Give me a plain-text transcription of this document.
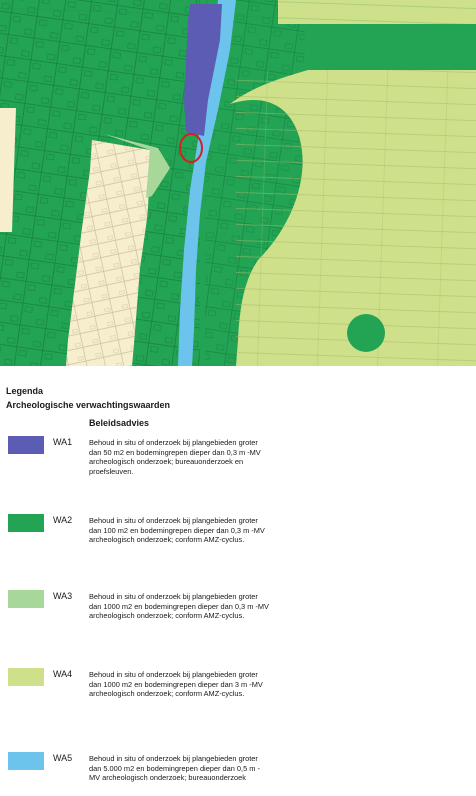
Legenda
Archeologische verwachtingswaarden
Beleidsadvies
WA1 Behoud in situ of onderzoek bij plangebieden groter dan 50 m2 en bodemingrepen dieper dan 0,3 m -MV archeologisch onderzoek; bureauonderzoek en proefsleuven.
WA2 Behoud in situ of onderzoek bij plangebieden groter dan 100 m2 en bodemingrepen dieper dan 0,3 m -MV archeologisch onderzoek; conform AMZ-cyclus.
WA3 Behoud in situ of onderzoek bij plangebieden groter dan 1000 m2 en bodemingrepen dieper dan 0,3 m -MV archeologisch onderzoek; conform AMZ-cyclus.
WA4 Behoud in situ of onderzoek bij plangebieden groter dan 1000 m2 en bodemingrepen dieper dan 3 m -MV archeologisch onderzoek; conform AMZ-cyclus.
WA5 Behoud in situ of onderzoek bij plangebieden groter dan 5.000 m2 en bodemingrepen dieper dan 0,5 m -MV archeologisch onderzoek; bureauonderzoek
